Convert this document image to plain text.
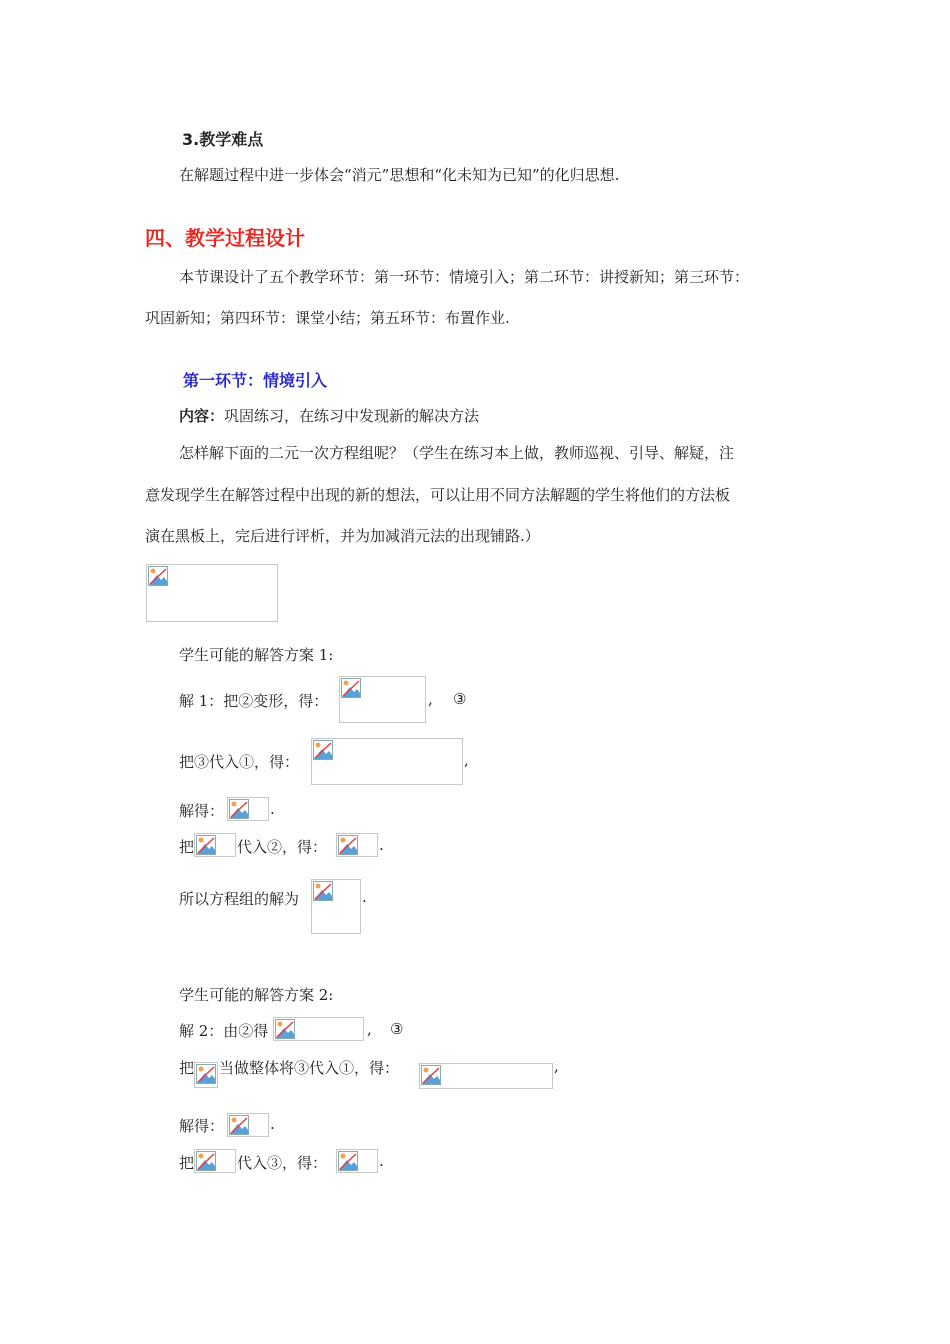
3.教学难点
在解题过程中进一步体会“消元”思想和“化未知为已知”的化归思想.
四、教学过程设计
本节课设计了五个教学环节：第一环节：情境引入；第二环节：讲授新知；第三环节：
巩固新知；第四环节：课堂小结；第五环节：布置作业.
第一环节：情境引入
内容：巩固练习，在练习中发现新的解决方法
怎样解下面的二元一次方程组呢？（学生在练习本上做，教师巡视、引导、解疑，注
意发现学生在解答过程中出现的新的想法，可以让用不同方法解题的学生将他们的方法板
演在黑板上，完后进行评析，并为加减消元法的出现铺路.）
学生可能的解答方案 1:
解 1：把②变形，得：	, ③
把③代入①，得：	,
解得：	.
把	代入②，得：	.
所以方程组的解为	.
学生可能的解答方案 2:
解 2：由②得	, ③
把 当做整体将③代入①，得：	,
解得：	.
把	代入③，得：	.
